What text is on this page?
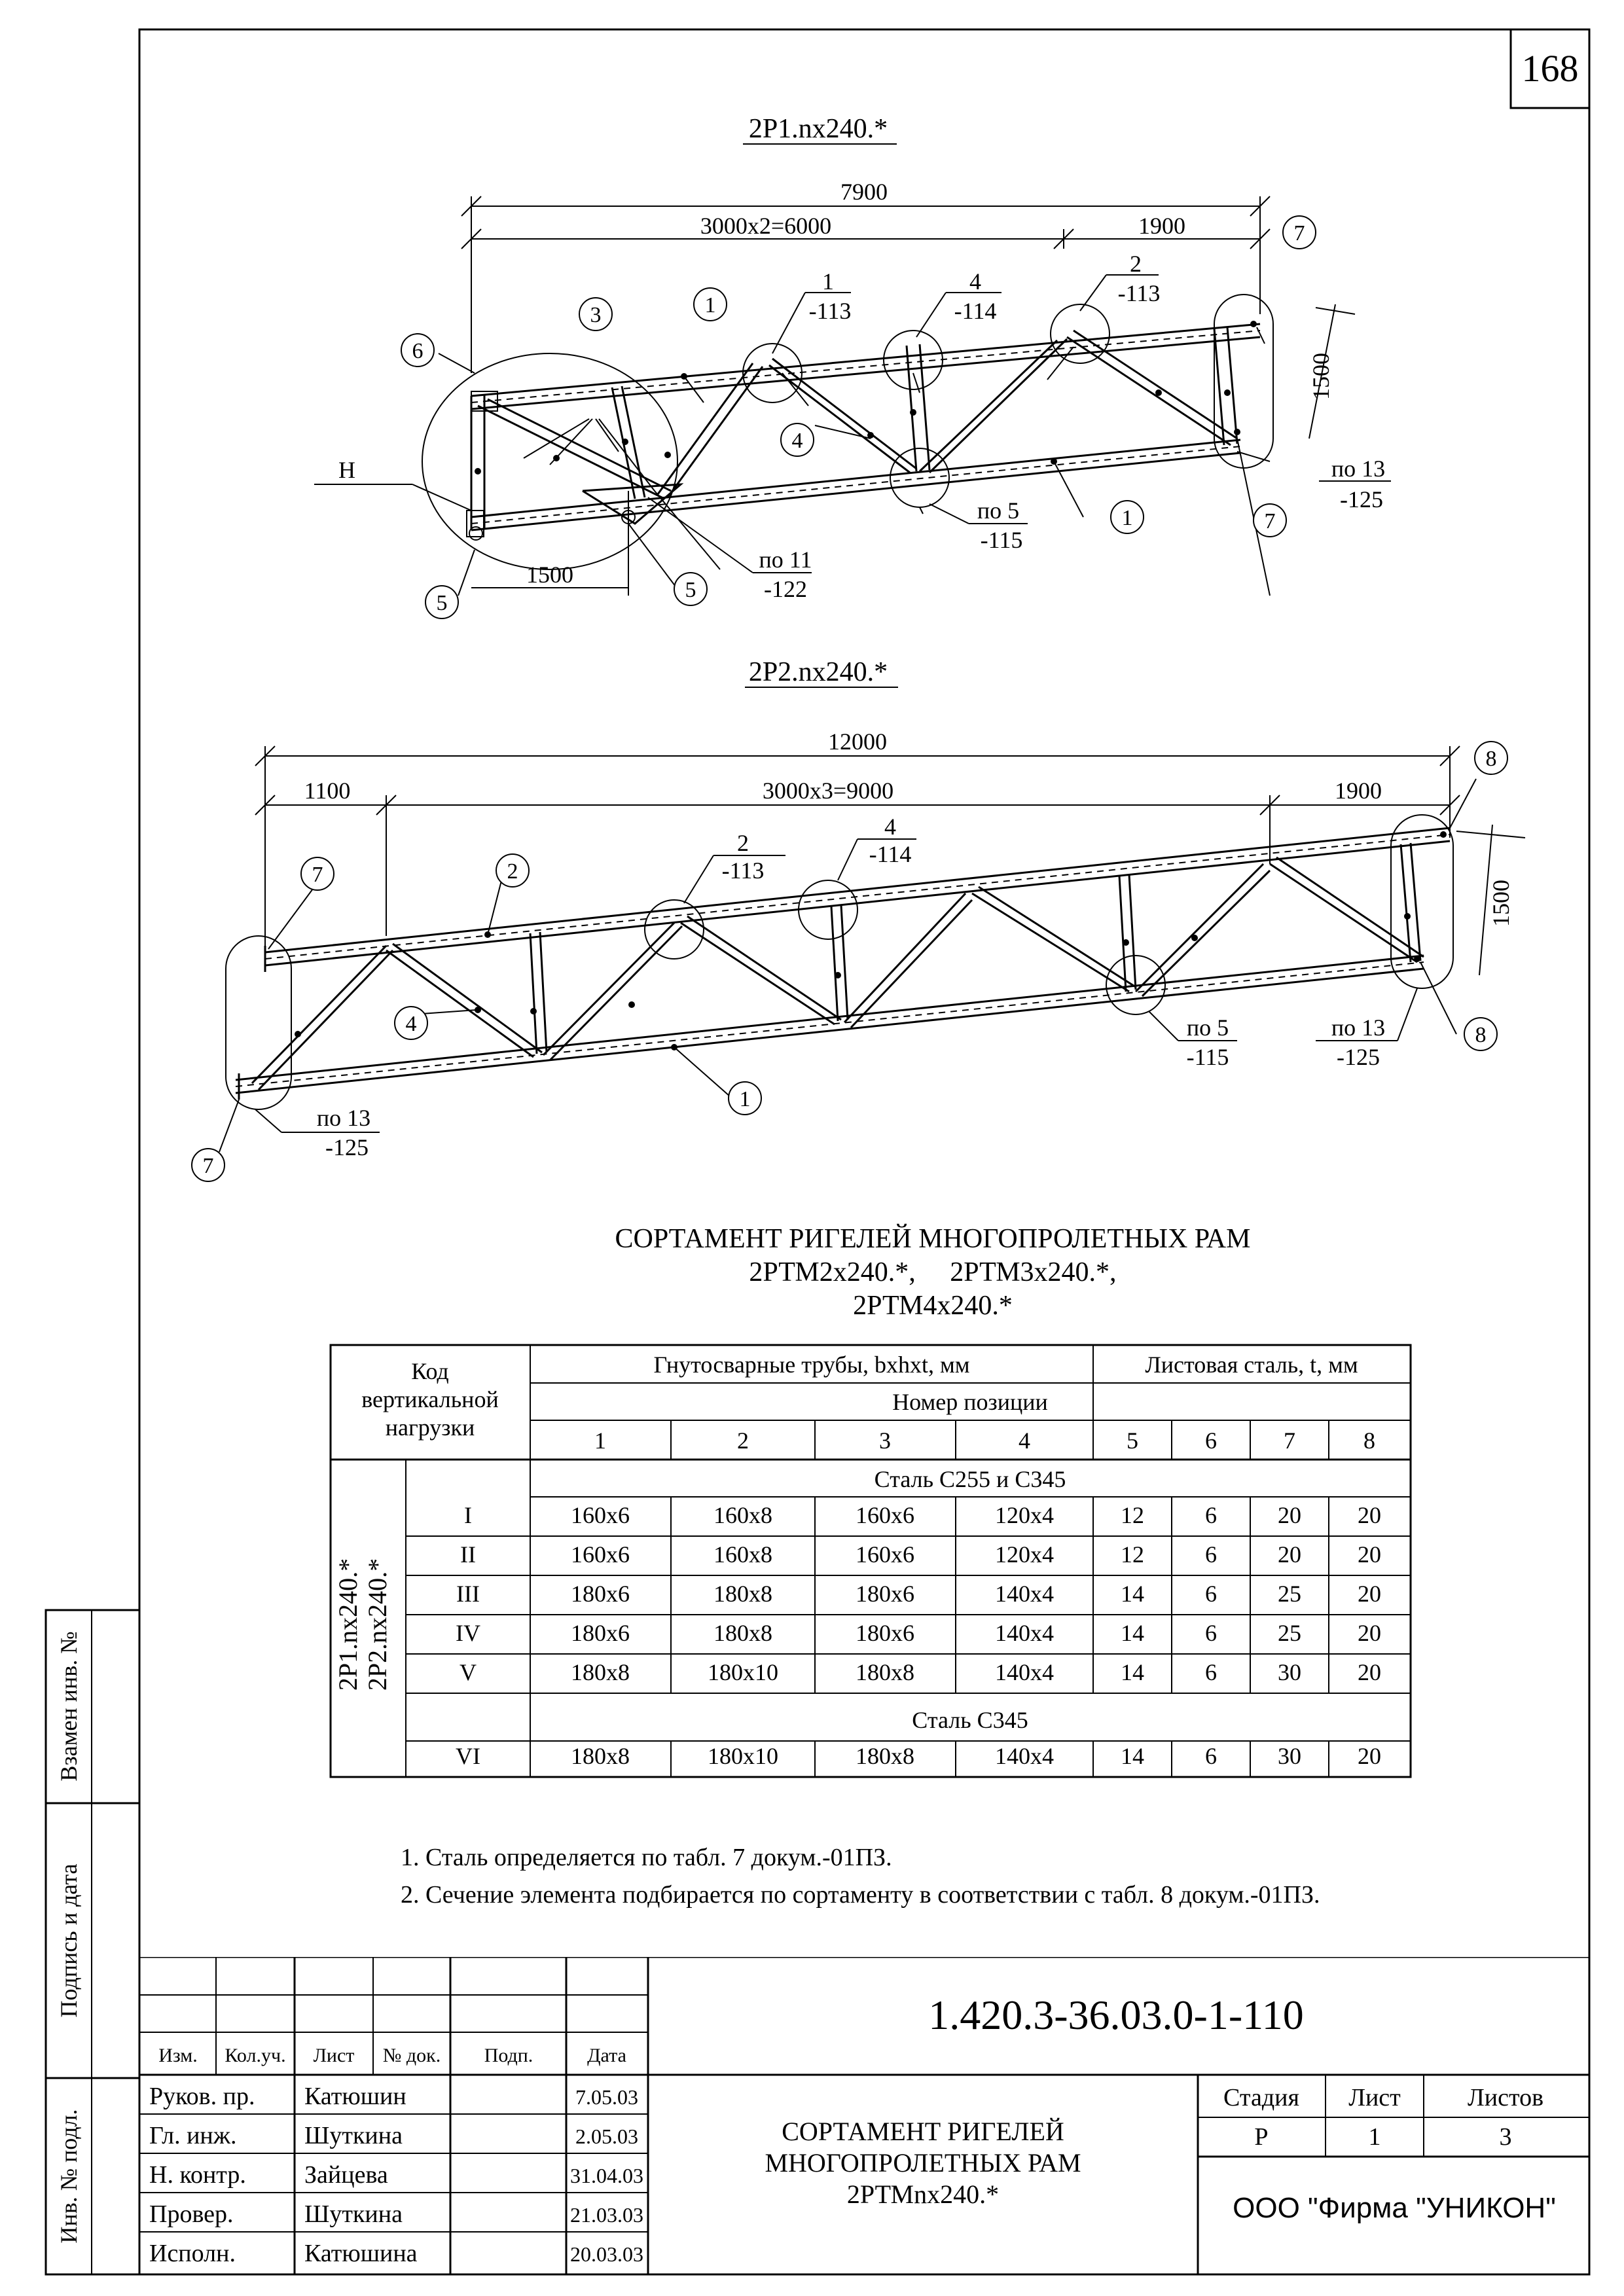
168
Взамен инв. №
Подпись и дата
Инв. № подл.
2Р1.nх240.*
7900
3000х2=6000	1900
1500
1500
Н
1
-113
4
-114
2
-113
по 13
-125
по 5
-115
по 11
-122
3	1
6
7
4
5
5
7
1
2Р2.nх240.*
12000
1100	3000х3=9000	1900
1500
2
-113
4
-114
по 5
-115
по 13
-125
по 13
-125
8
7	2
4
1
8
7
СОРТАМЕНТ РИГЕЛЕЙ МНОГОПРОЛЕТНЫХ РАМ
2РТМ2х240.*,     2РТМ3х240.*,
2РТМ4х240.*
Код
вертикальной
нагрузки
Гнутосварные трубы, bхhхt, мм	Листовая сталь, t, мм
Номер позиции
1	2	3	4	5	6	7	8
Сталь С255 и С345
Сталь С345
2Р1.nх240.* 2Р2.nх240.*
I	160х6	160х8	160х6	120х4	12	6	20 20
II	160х6	160х8	160х6	120х4	12	6	20 20
III	180х6	180х8	180х6	140х4	14	6	25 20
IV	180х6	180х8	180х6	140х4	14	6	25 20
V	180х8	180х10	180х8	140х4	14	6	30 20
VI	180х8	180х10	180х8	140х4	14	6	30 20
1. Сталь определяется по табл. 7 докум.-01ПЗ.
2. Сечение элемента подбирается по сортаменту в соответствии с табл. 8 докум.-01ПЗ.
Изм. Кол.уч. Лист № док. Подп.	Дата
1.420.3-36.03.0-1-110
Руков. пр. Катюшин	7.05.03
Гл. инж.	Шуткина	2.05.03
Н. контр. Зайцева	31.04.03
Провер.	Шуткина	21.03.03
Исполн.	Катюшина	20.03.03
СОРТАМЕНТ РИГЕЛЕЙ
МНОГОПРОЛЕТНЫХ РАМ
2РТМnх240.*
Стадия Лист	Листов
Р	1	3
ООО "Фирма "УНИКОН"
